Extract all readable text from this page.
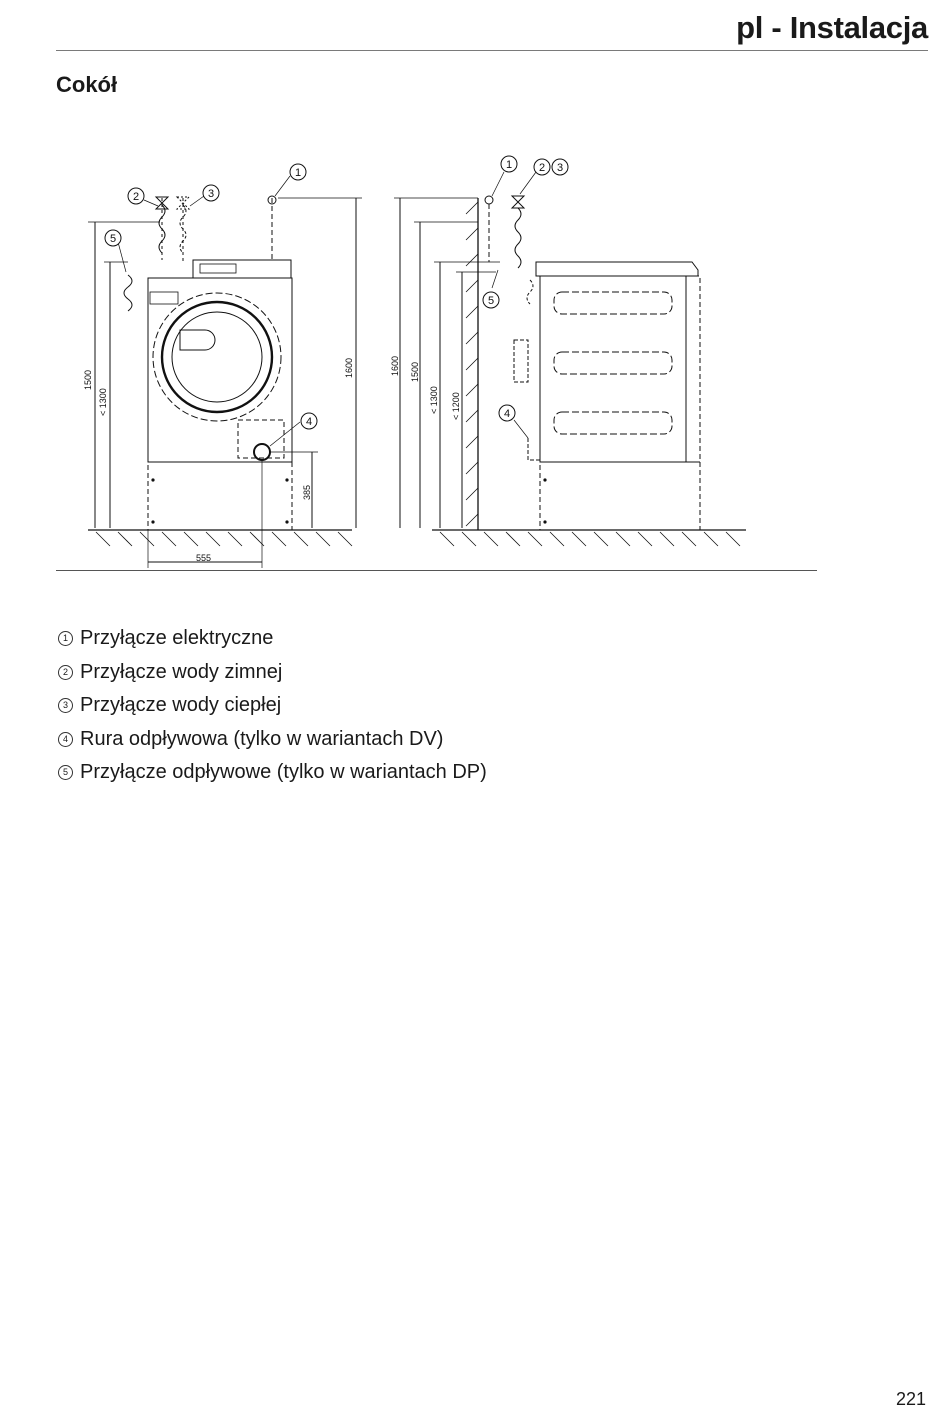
pl - Instalacja
Cokół
1
2	3
5
4
1 2 3
5
4
1500
< 1300
1600
385
555
1600 1500
< 1300 < 1200
1 Przyłącze elektryczne
2 Przyłącze wody zimnej
3 Przyłącze wody ciepłej
4 Rura odpływowa (tylko w wariantach DV)
5 Przyłącze odpływowe (tylko w wariantach DP)
221
